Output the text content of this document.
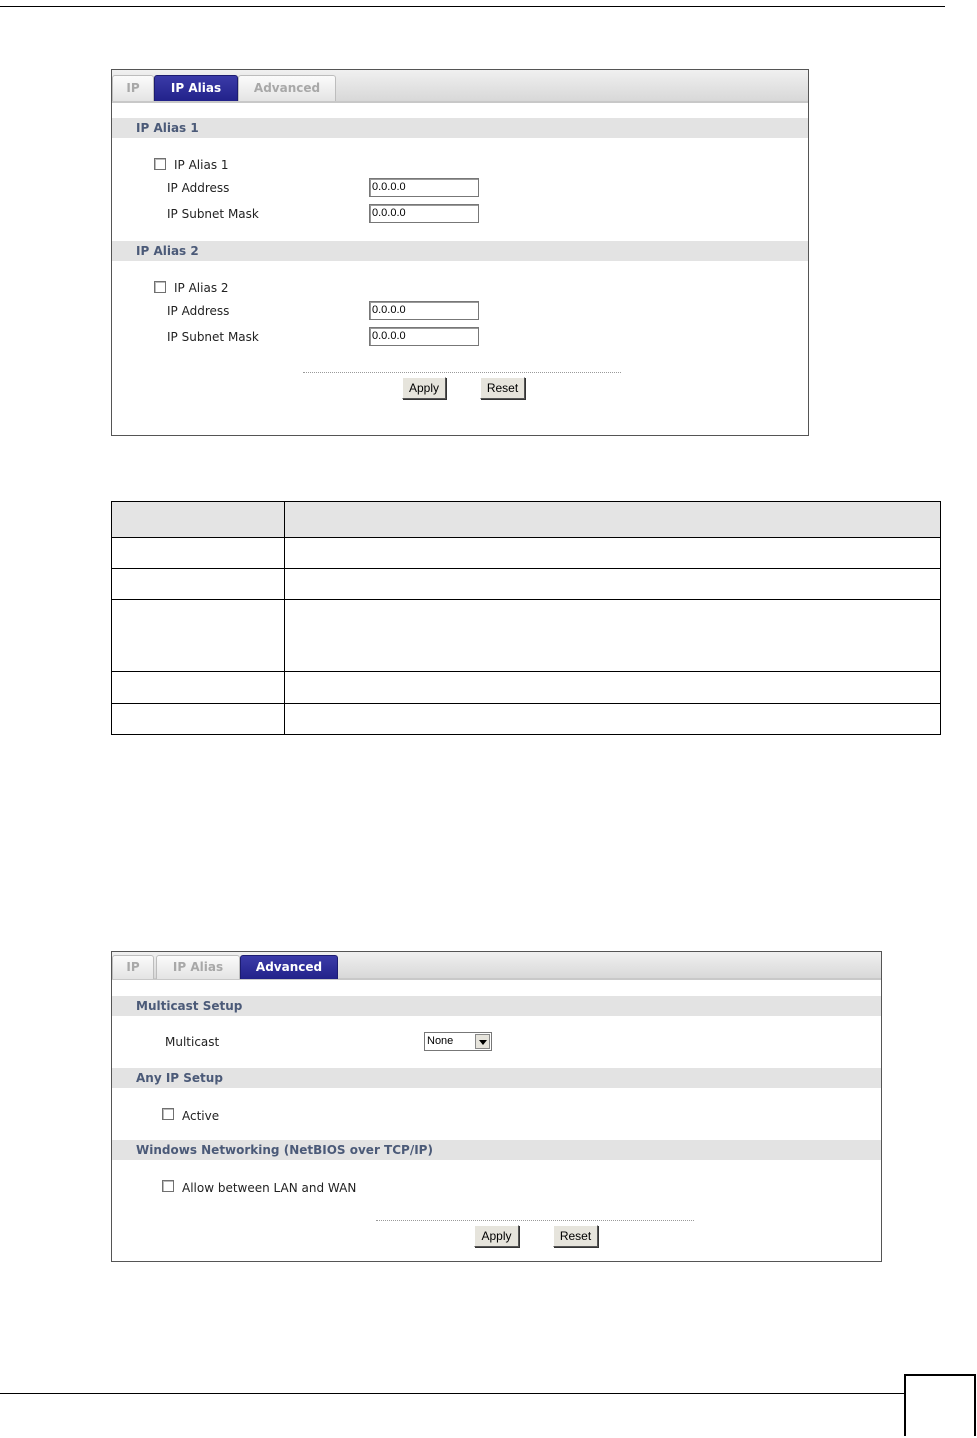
IP	IP Alias	Advanced
IP Alias 1
IP Alias 1
IP Address	0.0.0.0
IP Subnet Mask	0.0.0.0
IP Alias 2
IP Alias 2
IP Address	0.0.0.0
IP Subnet Mask	0.0.0.0
Apply	Reset

IP	IP Alias	Advanced
Multicast Setup
Multicast	None
Any IP Setup
Active
Windows Networking (NetBIOS over TCP/IP)
Allow between LAN and WAN
Apply	Reset
